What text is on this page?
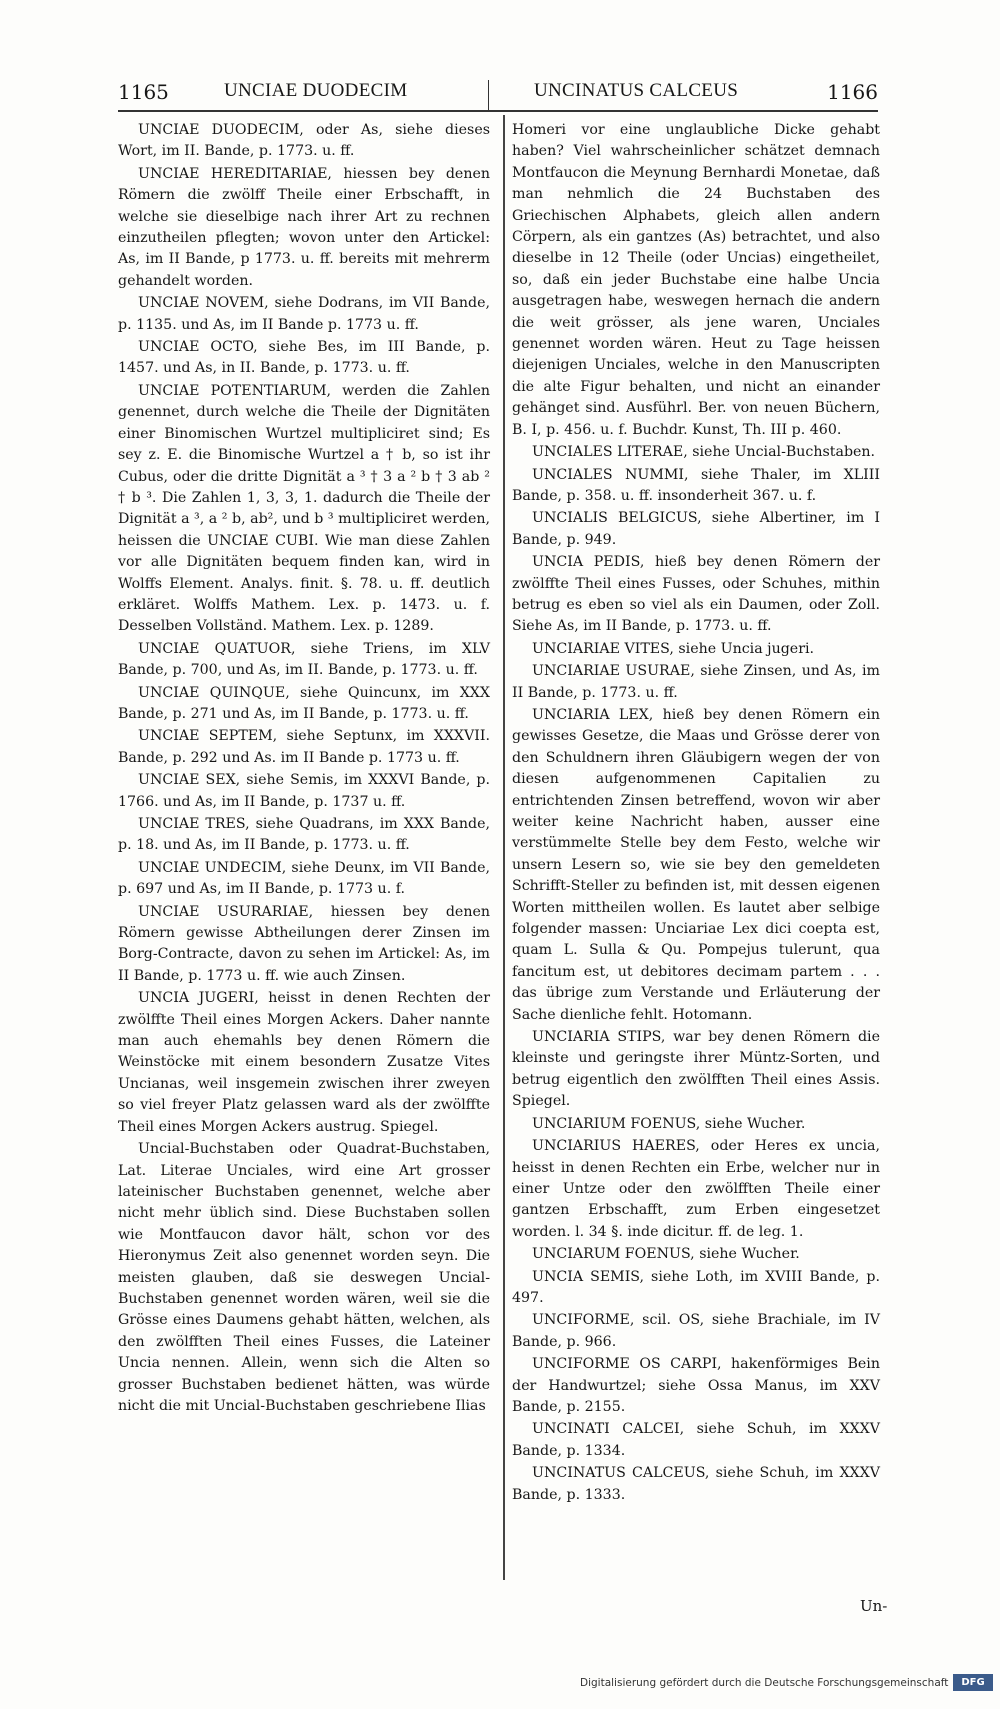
1165	UNCIAE DUODECIM	UNCINATUS CALCEUS	1166

UNCIAE DUODECIM, oder As, siehe dieses Wort, im II. Bande, p. 1773. u. ff.

UNCIAE HEREDITARIAE, hiessen bey denen Römern die zwölff Theile einer Erbschafft, in welche sie dieselbige nach ihrer Art zu rechnen einzutheilen pflegten; wovon unter den Artickel: As, im II Bande, p 1773. u. ff. bereits mit mehrerm gehandelt worden.

UNCIAE NOVEM, siehe Dodrans, im VII Bande, p. 1135. und As, im II Bande p. 1773 u. ff.

UNCIAE OCTO, siehe Bes, im III Bande, p. 1457. und As, in II. Bande, p. 1773. u. ff.

UNCIAE POTENTIARUM, werden die Zahlen genennet, durch welche die Theile der Dignitäten einer Binomischen Wurtzel multipliciret sind; Es sey z. E. die Binomische Wurtzel a † b, so ist ihr Cubus, oder die dritte Dignität a ³ † 3 a ² b † 3 ab ² † b ³. Die Zahlen 1, 3, 3, 1. dadurch die Theile der Dignität a ³, a ² b, ab², und b ³ multipliciret werden, heissen die UNCIAE CUBI. Wie man diese Zahlen vor alle Dignitäten bequem finden kan, wird in Wolffs Element. Analys. finit. §. 78. u. ff. deutlich erkläret. Wolffs Mathem. Lex. p. 1473. u. f. Desselben Vollständ. Mathem. Lex. p. 1289.

UNCIAE QUATUOR, siehe Triens, im XLV Bande, p. 700, und As, im II. Bande, p. 1773. u. ff.

UNCIAE QUINQUE, siehe Quincunx, im XXX Bande, p. 271 und As, im II Bande, p. 1773. u. ff.

UNCIAE SEPTEM, siehe Septunx, im XXXVII. Bande, p. 292 und As. im II Bande p. 1773 u. ff.

UNCIAE SEX, siehe Semis, im XXXVI Bande, p. 1766. und As, im II Bande, p. 1737 u. ff.

UNCIAE TRES, siehe Quadrans, im XXX Bande, p. 18. und As, im II Bande, p. 1773. u. ff.

UNCIAE UNDECIM, siehe Deunx, im VII Bande, p. 697 und As, im II Bande, p. 1773 u. f.

UNCIAE USURARIAE, hiessen bey denen Römern gewisse Abtheilungen derer Zinsen im Borg-Contracte, davon zu sehen im Artickel: As, im II Bande, p. 1773 u. ff. wie auch Zinsen.

UNCIA JUGERI, heisst in denen Rechten der zwölffte Theil eines Morgen Ackers. Daher nannte man auch ehemahls bey denen Römern die Weinstöcke mit einem besondern Zusatze Vites Uncianas, weil insgemein zwischen ihrer zweyen so viel freyer Platz gelassen ward als der zwölffte Theil eines Morgen Ackers austrug. Spiegel.

Uncial-Buchstaben oder Quadrat-Buchstaben, Lat. Literae Unciales, wird eine Art grosser lateinischer Buchstaben genennet, welche aber nicht mehr üblich sind. Diese Buchstaben sollen wie Montfaucon davor hält, schon vor des Hieronymus Zeit also genennet worden seyn. Die meisten glauben, daß sie deswegen Uncial-Buchstaben genennet worden wären, weil sie die Grösse eines Daumens gehabt hätten, welchen, als den zwölfften Theil eines Fusses, die Lateiner Uncia nennen. Allein, wenn sich die Alten so grosser Buchstaben bedienet hätten, was würde nicht die mit Uncial-Buchstaben geschriebene Ilias

Homeri vor eine unglaubliche Dicke gehabt haben? Viel wahrscheinlicher schätzet demnach Montfaucon die Meynung Bernhardi Monetae, daß man nehmlich die 24 Buchstaben des Griechischen Alphabets, gleich allen andern Cörpern, als ein gantzes (As) betrachtet, und also dieselbe in 12 Theile (oder Uncias) eingetheilet, so, daß ein jeder Buchstabe eine halbe Uncia ausgetragen habe, weswegen hernach die andern die weit grösser, als jene waren, Unciales genennet worden wären. Heut zu Tage heissen diejenigen Unciales, welche in den Manuscripten die alte Figur behalten, und nicht an einander gehänget sind. Ausführl. Ber. von neuen Büchern, B. I, p. 456. u. f. Buchdr. Kunst, Th. III p. 460.

UNCIALES LITERAE, siehe Uncial-Buchstaben.

UNCIALES NUMMI, siehe Thaler, im XLIII Bande, p. 358. u. ff. insonderheit 367. u. f.

UNCIALIS BELGICUS, siehe Albertiner, im I Bande, p. 949.

UNCIA PEDIS, hieß bey denen Römern der zwölffte Theil eines Fusses, oder Schuhes, mithin betrug es eben so viel als ein Daumen, oder Zoll. Siehe As, im II Bande, p. 1773. u. ff.

UNCIARIAE VITES, siehe Uncia jugeri.

UNCIARIAE USURAE, siehe Zinsen, und As, im II Bande, p. 1773. u. ff.

UNCIARIA LEX, hieß bey denen Römern ein gewisses Gesetze, die Maas und Grösse derer von den Schuldnern ihren Gläubigern wegen der von diesen aufgenommenen Capitalien zu entrichtenden Zinsen betreffend, wovon wir aber weiter keine Nachricht haben, ausser eine verstümmelte Stelle bey dem Festo, welche wir unsern Lesern so, wie sie bey den gemeldeten Schrifft-Steller zu befinden ist, mit dessen eigenen Worten mittheilen wollen. Es lautet aber selbige folgender massen: Unciariae Lex dici coepta est, quam L. Sulla & Qu. Pompejus tulerunt, qua fancitum est, ut debitores decimam partem . . . das übrige zum Verstande und Erläuterung der Sache dienliche fehlt. Hotomann.

UNCIARIA STIPS, war bey denen Römern die kleinste und geringste ihrer Müntz-Sorten, und betrug eigentlich den zwölfften Theil eines Assis. Spiegel.

UNCIARIUM FOENUS, siehe Wucher.

UNCIARIUS HAERES, oder Heres ex uncia, heisst in denen Rechten ein Erbe, welcher nur in einer Untze oder den zwölfften Theile einer gantzen Erbschafft, zum Erben eingesetzet worden. l. 34 §. inde dicitur. ff. de leg. 1.

UNCIARUM FOENUS, siehe Wucher.

UNCIA SEMIS, siehe Loth, im XVIII Bande, p. 497.

UNCIFORME, scil. OS, siehe Brachiale, im IV Bande, p. 966.

UNCIFORME OS CARPI, hakenförmiges Bein der Handwurtzel; siehe Ossa Manus, im XXV Bande, p. 2155.

UNCINATI CALCEI, siehe Schuh, im XXXV Bande, p. 1334.

UNCINATUS CALCEUS, siehe Schuh, im XXXV Bande, p. 1333.

Un-
Digitalisierung gefördert durch die Deutsche Forschungsgemeinschaft	DFG
